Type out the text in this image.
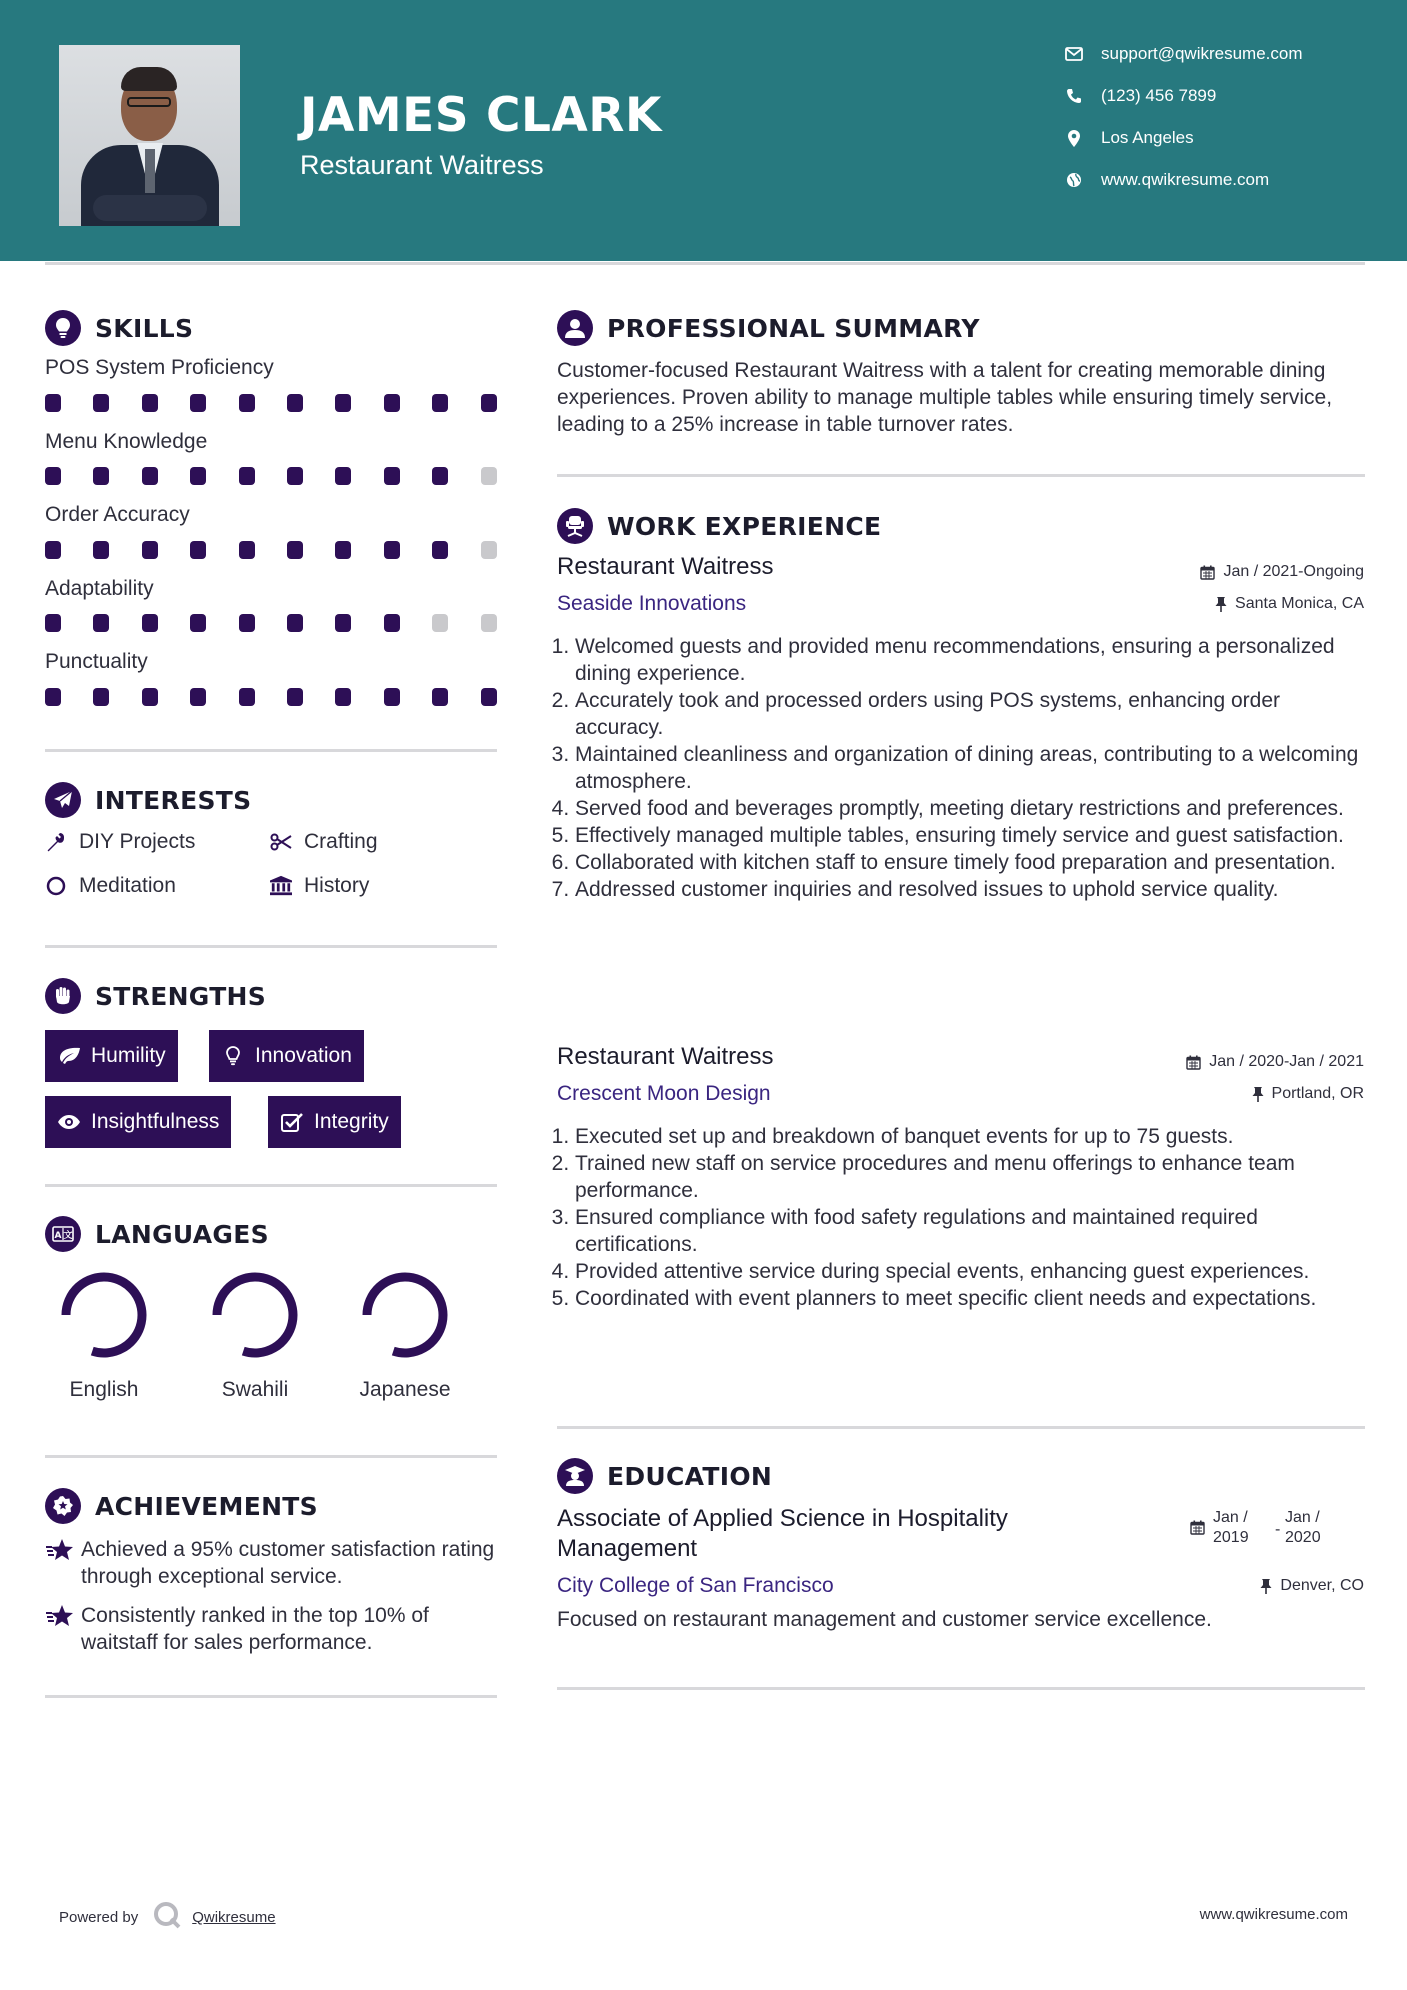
JAMES CLARK
Restaurant Waitress
support@qwikresume.com
(123) 456 7899
Los Angeles
www.qwikresume.com
SKILLS
POS System Proficiency
Menu Knowledge
Order Accuracy
Adaptability
Punctuality
INTERESTS
DIY Projects	Crafting
Meditation	History
STRENGTHS
Humility	Innovation
Insightfulness	Integrity
A 文 LANGUAGES
English	Swahili	Japanese
ACHIEVEMENTS
Achieved a 95% customer satisfaction rating through exceptional service.
Consistently ranked in the top 10% of waitstaff for sales performance.
PROFESSIONAL SUMMARY
Customer-focused Restaurant Waitress with a talent for creating memorable dining experiences. Proven ability to manage multiple tables while ensuring timely service, leading to a 25% increase in table turnover rates.
WORK EXPERIENCE
Restaurant Waitress	Jan / 2021-Ongoing
Seaside Innovations	Santa Monica, CA
1. Welcomed guests and provided menu recommendations, ensuring a personalized dining experience.
2. Accurately took and processed orders using POS systems, enhancing order accuracy.
3. Maintained cleanliness and organization of dining areas, contributing to a welcoming atmosphere.
4. Served food and beverages promptly, meeting dietary restrictions and preferences.
5. Effectively managed multiple tables, ensuring timely service and guest satisfaction.
6. Collaborated with kitchen staff to ensure timely food preparation and presentation.
7. Addressed customer inquiries and resolved issues to uphold service quality.
Restaurant Waitress	Jan / 2020-Jan / 2021
Crescent Moon Design	Portland, OR
1. Executed set up and breakdown of banquet events for up to 75 guests.
2. Trained new staff on service procedures and menu offerings to enhance team performance.
3. Ensured compliance with food safety regulations and maintained required certifications.
4. Provided attentive service during special events, enhancing guest experiences.
5. Coordinated with event planners to meet specific client needs and expectations.
EDUCATION
Associate of Applied Science in Hospitality Management
Jan / 2019	-
Jan / 2020
City College of San Francisco	Denver, CO
Focused on restaurant management and customer service excellence.
Powered by	Qwikresume	www.qwikresume.com
